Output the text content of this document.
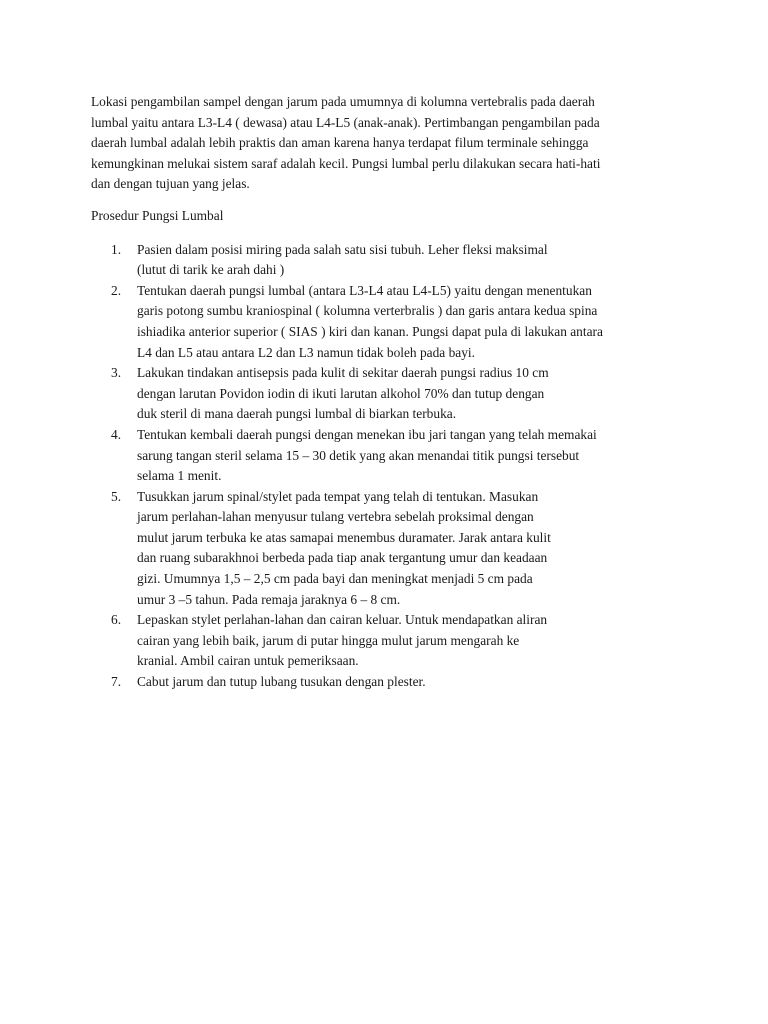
Lokasi pengambilan sampel dengan jarum pada umumnya di kolumna vertebralis pada daerah
lumbal yaitu antara L3-L4 ( dewasa) atau L4-L5 (anak-anak). Pertimbangan pengambilan pada
daerah lumbal adalah lebih praktis dan aman karena hanya terdapat filum terminale sehingga
kemungkinan melukai sistem saraf adalah kecil. Pungsi lumbal perlu dilakukan secara hati-hati
dan dengan tujuan yang jelas.

Prosedur Pungsi Lumbal

1.	Pasien dalam posisi miring pada salah satu sisi tubuh. Leher fleksi maksimal
(lutut di tarik ke arah dahi )
2.	Tentukan daerah pungsi lumbal (antara L3-L4 atau L4-L5) yaitu dengan menentukan
garis potong sumbu kraniospinal ( kolumna verterbralis ) dan garis antara kedua spina
ishiadika anterior superior ( SIAS ) kiri dan kanan. Pungsi dapat pula di lakukan antara
L4 dan L5 atau antara L2 dan L3 namun tidak boleh pada bayi.
3.	Lakukan tindakan antisepsis pada kulit di sekitar daerah pungsi radius 10 cm
dengan larutan Povidon iodin di ikuti larutan alkohol 70% dan tutup dengan
duk steril di mana daerah pungsi lumbal di biarkan terbuka.
4.	Tentukan kembali daerah pungsi dengan menekan ibu jari tangan yang telah memakai
sarung tangan steril selama 15 – 30 detik yang akan menandai titik pungsi tersebut
selama 1 menit.
5.	Tusukkan jarum spinal/stylet pada tempat yang telah di tentukan. Masukan
jarum perlahan-lahan menyusur tulang vertebra sebelah proksimal dengan
mulut jarum terbuka ke atas samapai menembus duramater. Jarak antara kulit
dan ruang subarakhnoi berbeda pada tiap anak tergantung umur dan keadaan
gizi. Umumnya 1,5 – 2,5 cm pada bayi dan meningkat menjadi 5 cm pada
umur 3 –5 tahun. Pada remaja jaraknya 6 – 8 cm.
6.	Lepaskan stylet perlahan-lahan dan cairan keluar. Untuk mendapatkan aliran
cairan yang lebih baik, jarum di putar hingga mulut jarum mengarah ke
kranial. Ambil cairan untuk pemeriksaan.
7.	Cabut jarum dan tutup lubang tusukan dengan plester.
